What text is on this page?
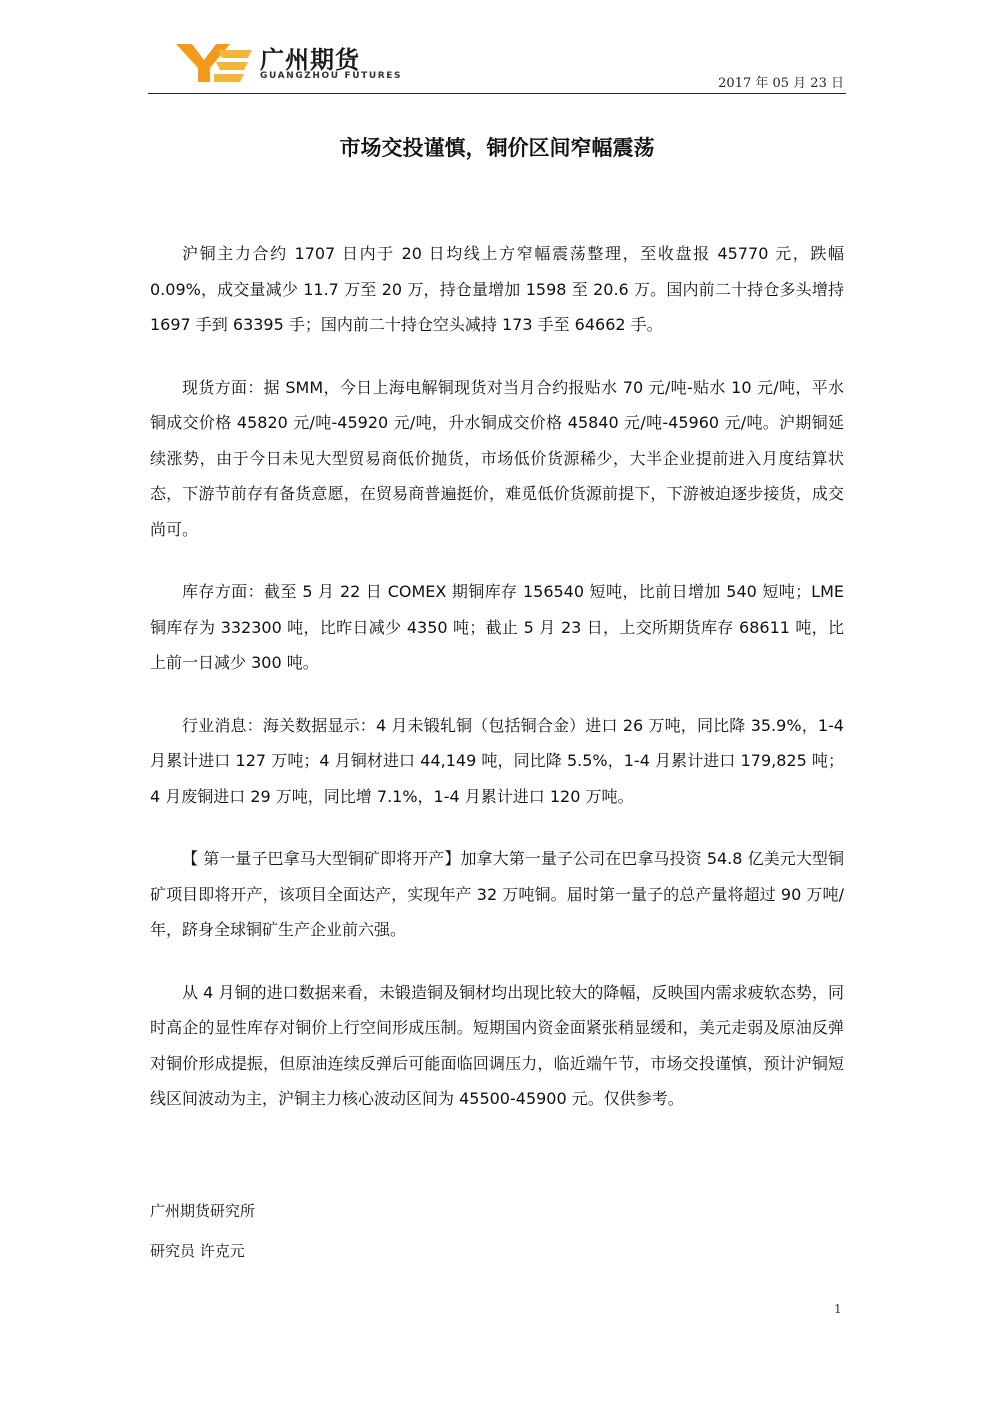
广州期货
GUANGZHOU FUTURES	2017 年 05 月 23 日
市场交投谨慎，铜价区间窄幅震荡

沪铜主力合约 1707 日内于 20 日均线上方窄幅震荡整理，至收盘报 45770 元，跌幅 0.09%，成交量减少 11.7 万至 20 万，持仓量增加 1598 至 20.6 万。国内前二十持仓多头增持 1697 手到 63395 手；国内前二十持仓空头减持 173 手至 64662 手。

现货方面：据 SMM，今日上海电解铜现货对当月合约报贴水 70 元/吨-贴水 10 元/吨，平水铜成交价格 45820 元/吨-45920 元/吨，升水铜成交价格 45840 元/吨-45960 元/吨。沪期铜延续涨势，由于今日未见大型贸易商低价抛货，市场低价货源稀少，大半企业提前进入月度结算状态，下游节前存有备货意愿，在贸易商普遍挺价，难觅低价货源前提下，下游被迫逐步接货，成交尚可。

库存方面：截至 5 月 22 日 COMEX 期铜库存 156540 短吨，比前日增加 540 短吨；LME 铜库存为 332300 吨，比昨日减少 4350 吨；截止 5 月 23 日，上交所期货库存 68611 吨，比上前一日减少 300 吨。

行业消息：海关数据显示：4 月未锻轧铜（包括铜合金）进口 26 万吨，同比降 35.9%，1-4 月累计进口 127 万吨；4 月铜材进口 44,149 吨，同比降 5.5%，1-4 月累计进口 179,825 吨；4 月废铜进口 29 万吨，同比增 7.1%，1-4 月累计进口 120 万吨。

【 第一量子巴拿马大型铜矿即将开产】加拿大第一量子公司在巴拿马投资 54.8 亿美元大型铜矿项目即将开产，该项目全面达产，实现年产 32 万吨铜。届时第一量子的总产量将超过 90 万吨/年，跻身全球铜矿生产企业前六强。

从 4 月铜的进口数据来看，未锻造铜及铜材均出现比较大的降幅，反映国内需求疲软态势，同时高企的显性库存对铜价上行空间形成压制。短期国内资金面紧张稍显缓和，美元走弱及原油反弹对铜价形成提振，但原油连续反弹后可能面临回调压力，临近端午节，市场交投谨慎，预计沪铜短线区间波动为主，沪铜主力核心波动区间为 45500-45900 元。仅供参考。

广州期货研究所
研究员 许克元
1
